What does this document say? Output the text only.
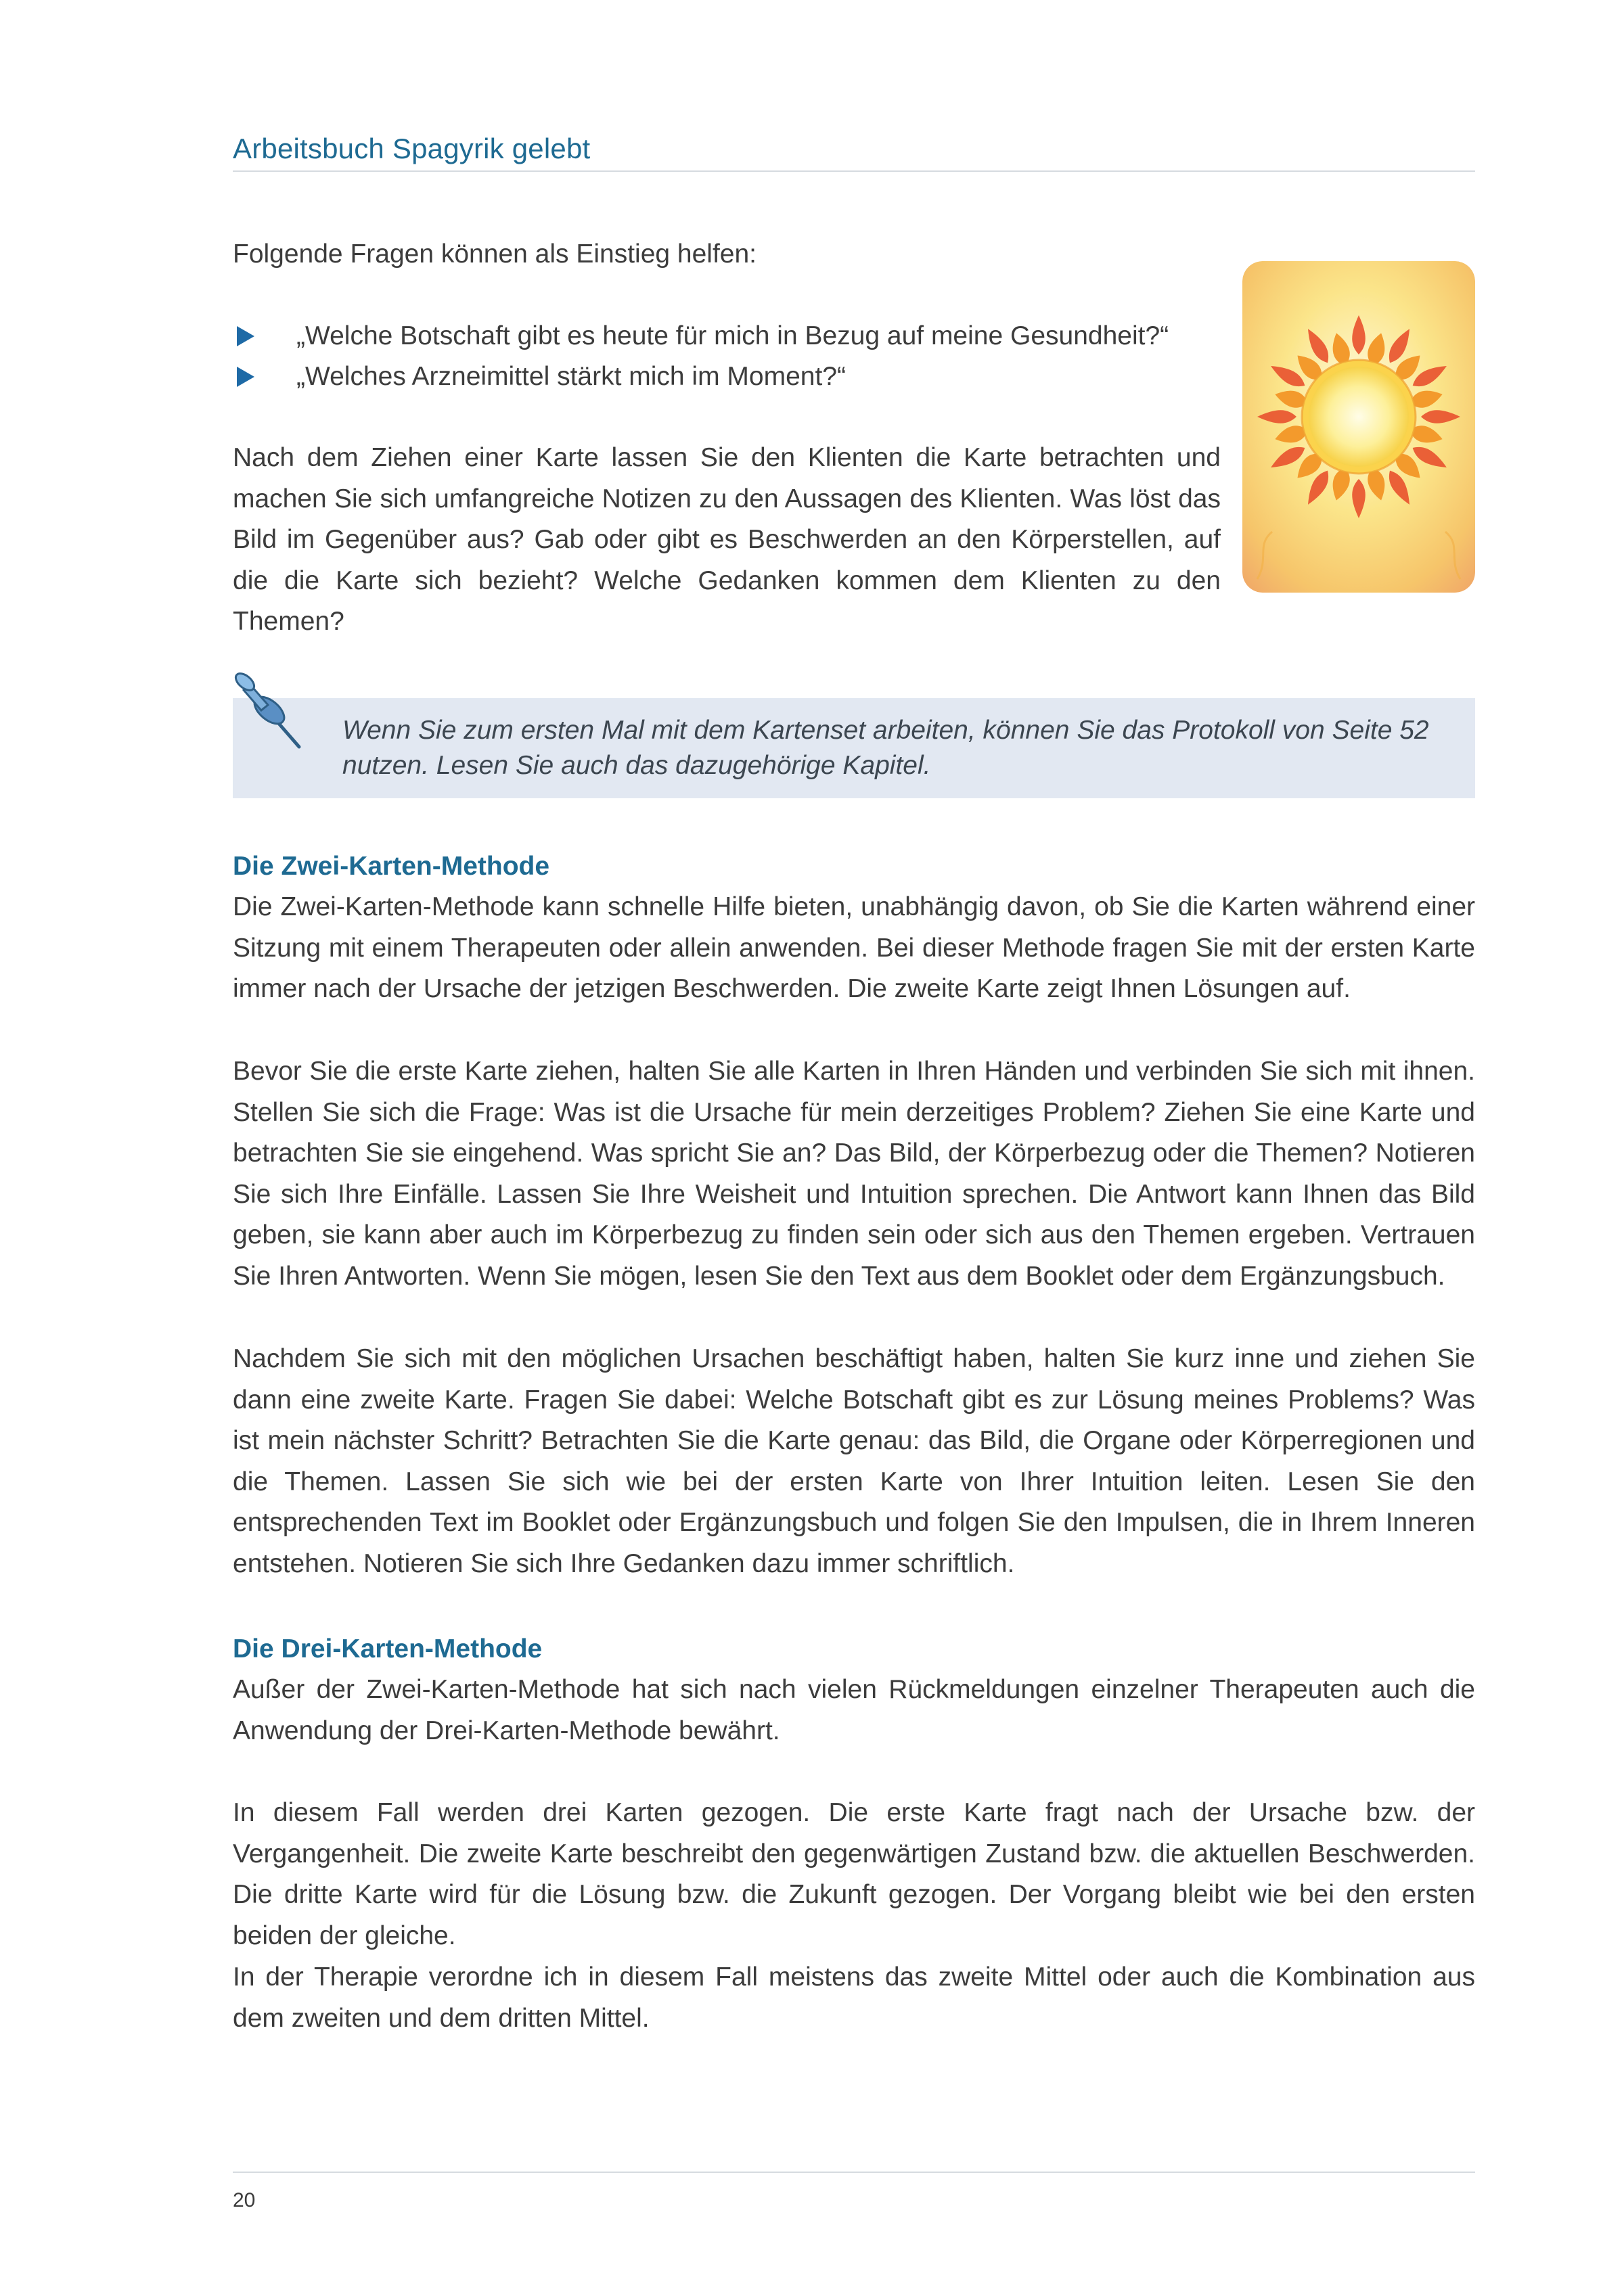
Arbeitsbuch Spagyrik gelebt
Folgende Fragen können als Einstieg helfen:
„Welche Botschaft gibt es heute für mich in Bezug auf meine Gesundheit?“
„Welches Arzneimittel stärkt mich im Moment?“

Nach dem Ziehen einer Karte lassen Sie den Klienten die Karte betrachten und machen Sie sich umfangreiche Notizen zu den Aussagen des Klienten. Was löst das Bild im Gegenüber aus? Gab oder gibt es Beschwerden an den Körperstellen, auf die die Karte sich bezieht? Welche Gedanken kommen dem Klienten zu den Themen?

Wenn Sie zum ersten Mal mit dem Kartenset arbeiten, können Sie das Protokoll von Seite 52 nutzen. Lesen Sie auch das dazugehörige Kapitel.
Die Zwei-Karten-Methode

Die Zwei-Karten-Methode kann schnelle Hilfe bieten, unabhängig davon, ob Sie die Karten während einer Sitzung mit einem Therapeuten oder allein anwenden. Bei dieser Methode fragen Sie mit der ersten Karte immer nach der Ursache der jetzigen Beschwerden. Die zweite Karte zeigt Ihnen Lösungen auf.

Bevor Sie die erste Karte ziehen, halten Sie alle Karten in Ihren Händen und verbinden Sie sich mit ihnen. Stellen Sie sich die Frage: Was ist die Ursache für mein derzeitiges Problem? Ziehen Sie eine Karte und betrachten Sie sie eingehend. Was spricht Sie an? Das Bild, der Körperbezug oder die Themen? Notieren Sie sich Ihre Einfälle. Lassen Sie Ihre Weisheit und Intuition sprechen. Die Antwort kann Ihnen das Bild geben, sie kann aber auch im Körperbezug zu finden sein oder sich aus den Themen ergeben. Vertrauen Sie Ihren Antworten. Wenn Sie mögen, lesen Sie den Text aus dem Booklet oder dem Ergänzungsbuch.

Nachdem Sie sich mit den möglichen Ursachen beschäftigt haben, halten Sie kurz inne und ziehen Sie dann eine zweite Karte. Fragen Sie dabei: Welche Botschaft gibt es zur Lösung meines Problems? Was ist mein nächster Schritt? Betrachten Sie die Karte genau: das Bild, die Organe oder Körperregionen und die Themen. Lassen Sie sich wie bei der ersten Karte von Ihrer Intuition leiten. Lesen Sie den entsprechenden Text im Booklet oder Ergänzungsbuch und folgen Sie den Impulsen, die in Ihrem Inneren entstehen. Notieren Sie sich Ihre Gedanken dazu immer schriftlich.

Die Drei-Karten-Methode

Außer der Zwei-Karten-Methode hat sich nach vielen Rückmeldungen einzelner Therapeuten auch die Anwendung der Drei-Karten-Methode bewährt.

In diesem Fall werden drei Karten gezogen. Die erste Karte fragt nach der Ursache bzw. der Vergangenheit. Die zweite Karte beschreibt den gegenwärtigen Zustand bzw. die aktuellen Beschwerden. Die dritte Karte wird für die Lösung bzw. die Zukunft gezogen. Der Vorgang bleibt wie bei den ersten beiden der gleiche.

In der Therapie verordne ich in diesem Fall meistens das zweite Mittel oder auch die Kombination aus dem zweiten und dem dritten Mittel.

20
